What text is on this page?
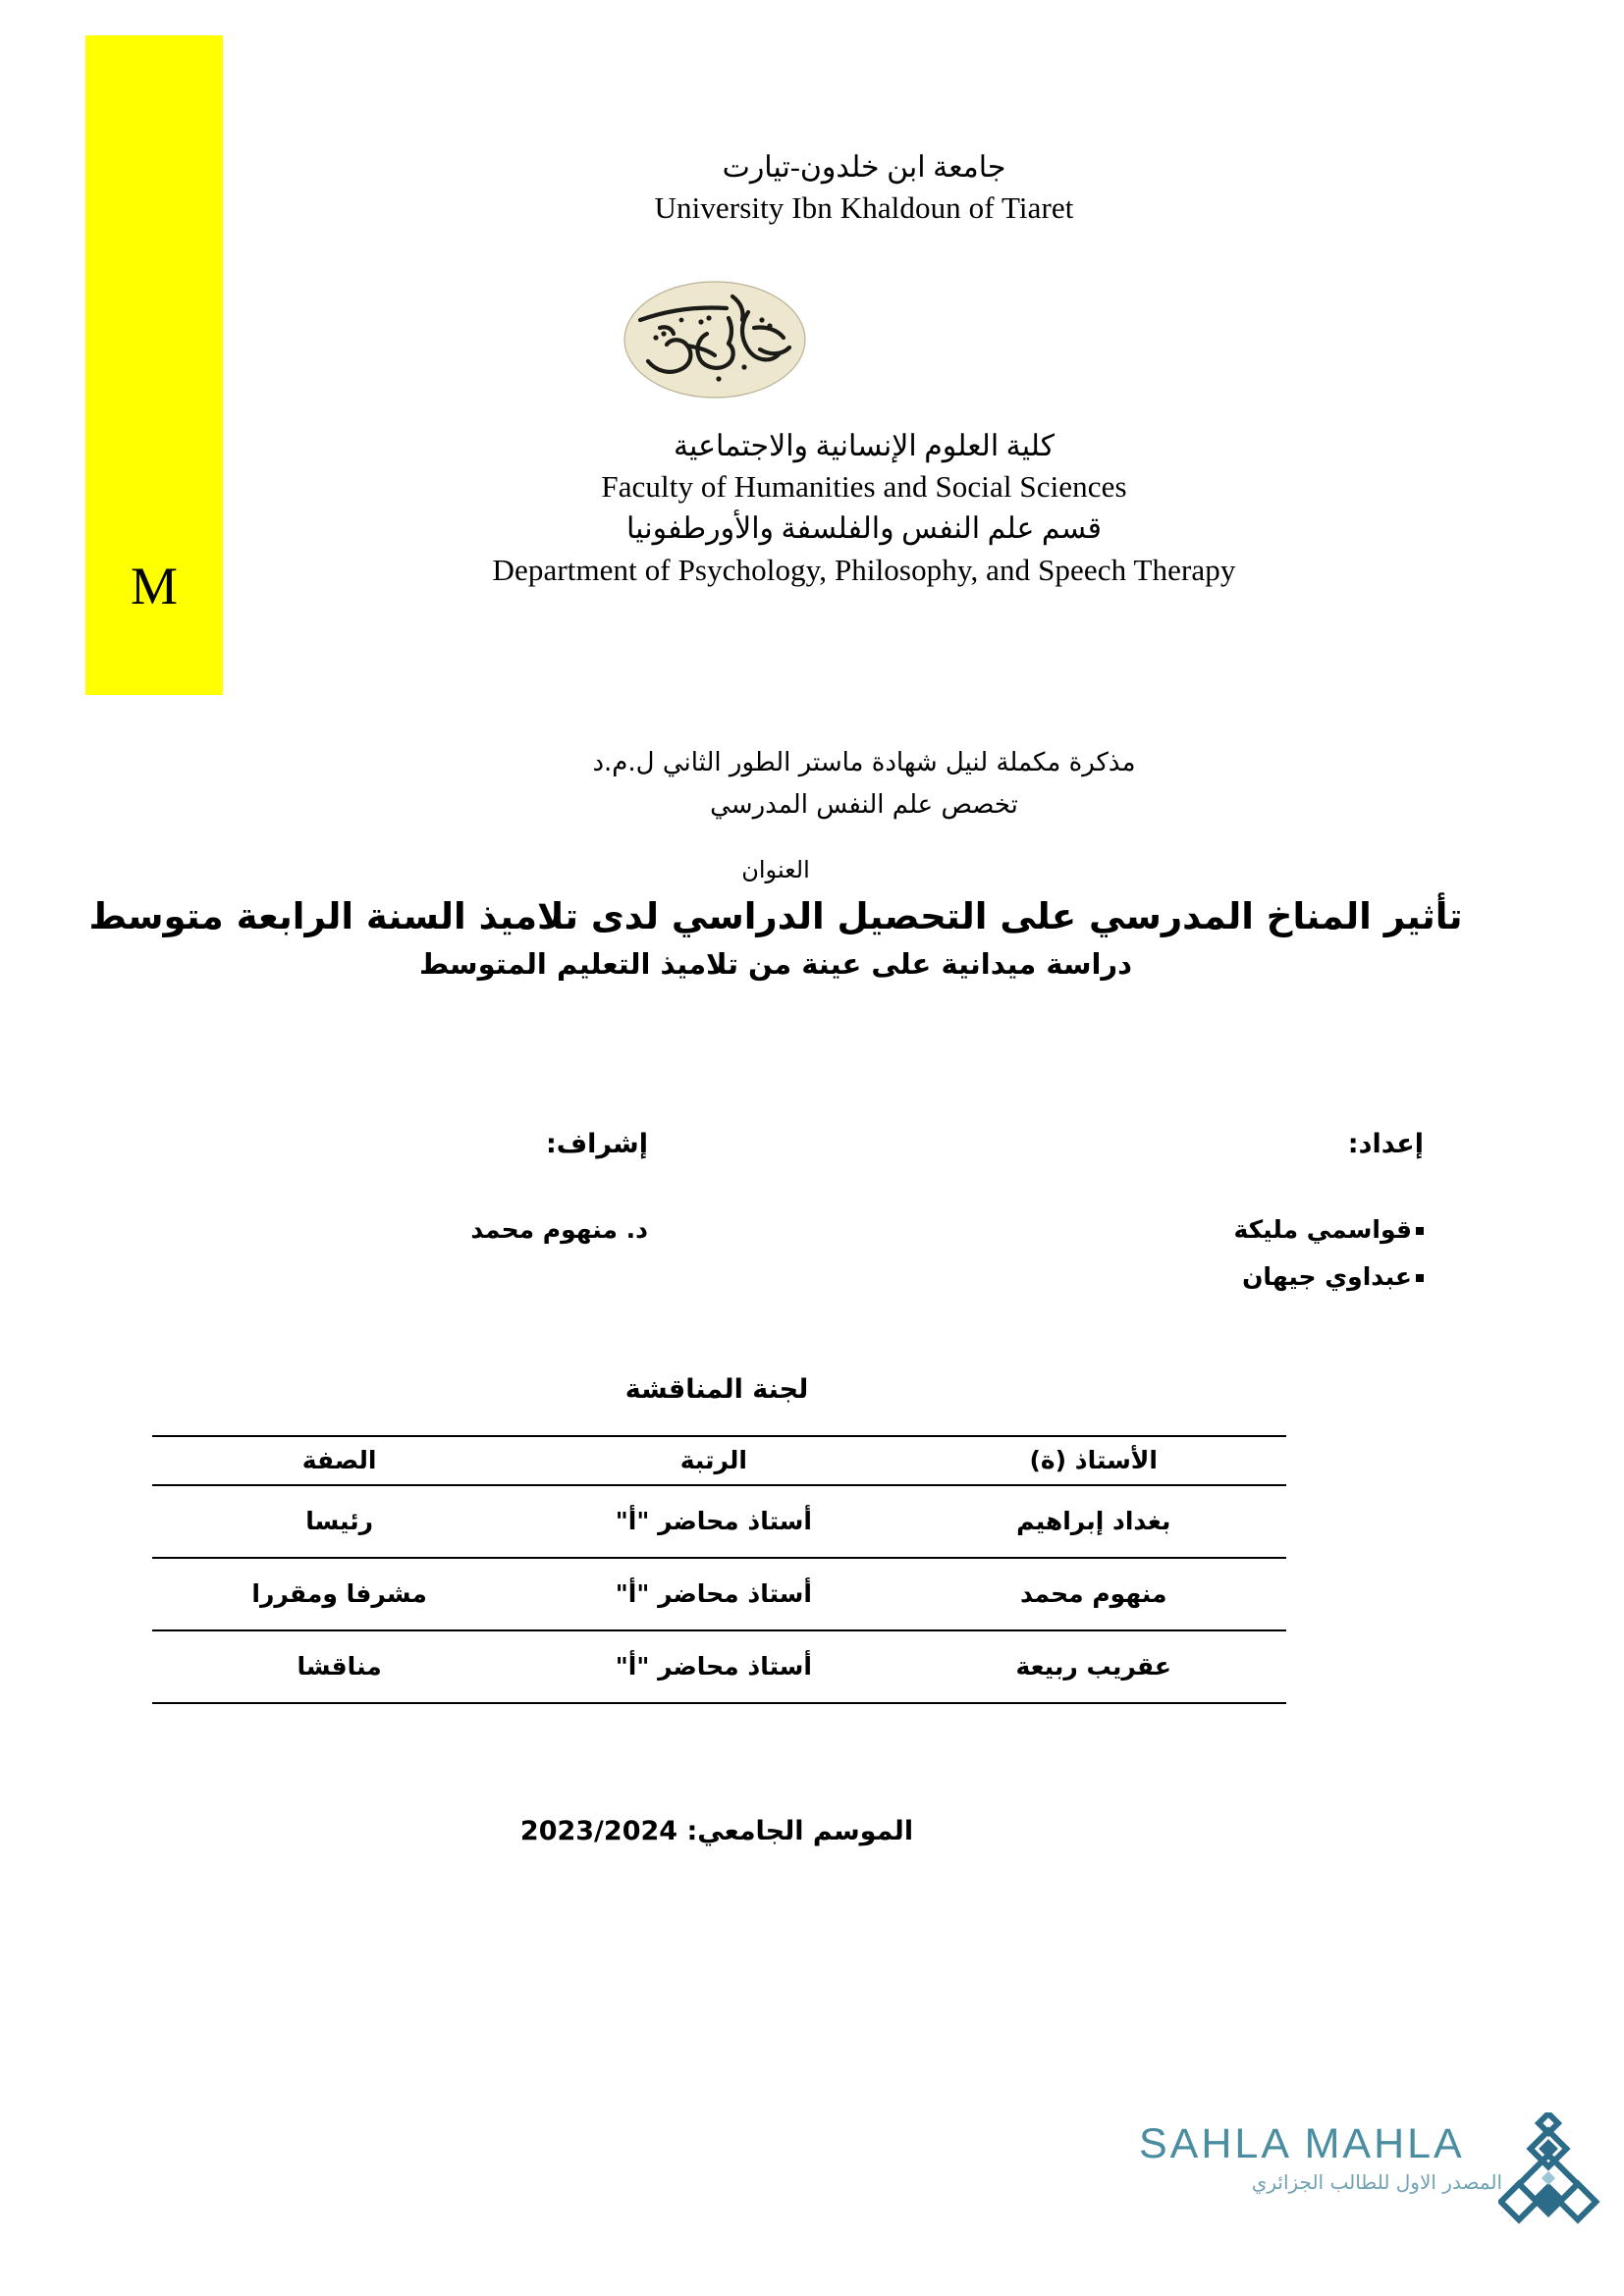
M
جامعة ابن خلدون-تيارت
University Ibn Khaldoun of Tiaret
كلية العلوم الإنسانية والاجتماعية
Faculty of Humanities and Social Sciences
قسم علم النفس والفلسفة والأورطفونيا
Department of Psychology, Philosophy, and Speech Therapy
مذكرة مكملة لنيل شهادة ماستر الطور الثاني ل.م.د
تخصص علم النفس المدرسي
العنوان
تأثير المناخ المدرسي على التحصيل الدراسي لدى تلاميذ السنة الرابعة متوسط
دراسة ميدانية على عينة من تلاميذ التعليم المتوسط
إعداد:
إشراف:
قواسمي مليكة
د. منهوم محمد
عبداوي جيهان
لجنة المناقشة
الأستاذ (ة)	الرتبة	الصفة
بغداد إبراهيم	أستاذ محاضر "أ"	رئيسا
منهوم محمد	أستاذ محاضر "أ"	مشرفا ومقررا
عقريب ربيعة	أستاذ محاضر "أ"	مناقشا
الموسم الجامعي: 2023/2024
SAHLA MAHLA
المصدر الاول للطالب الجزائري
